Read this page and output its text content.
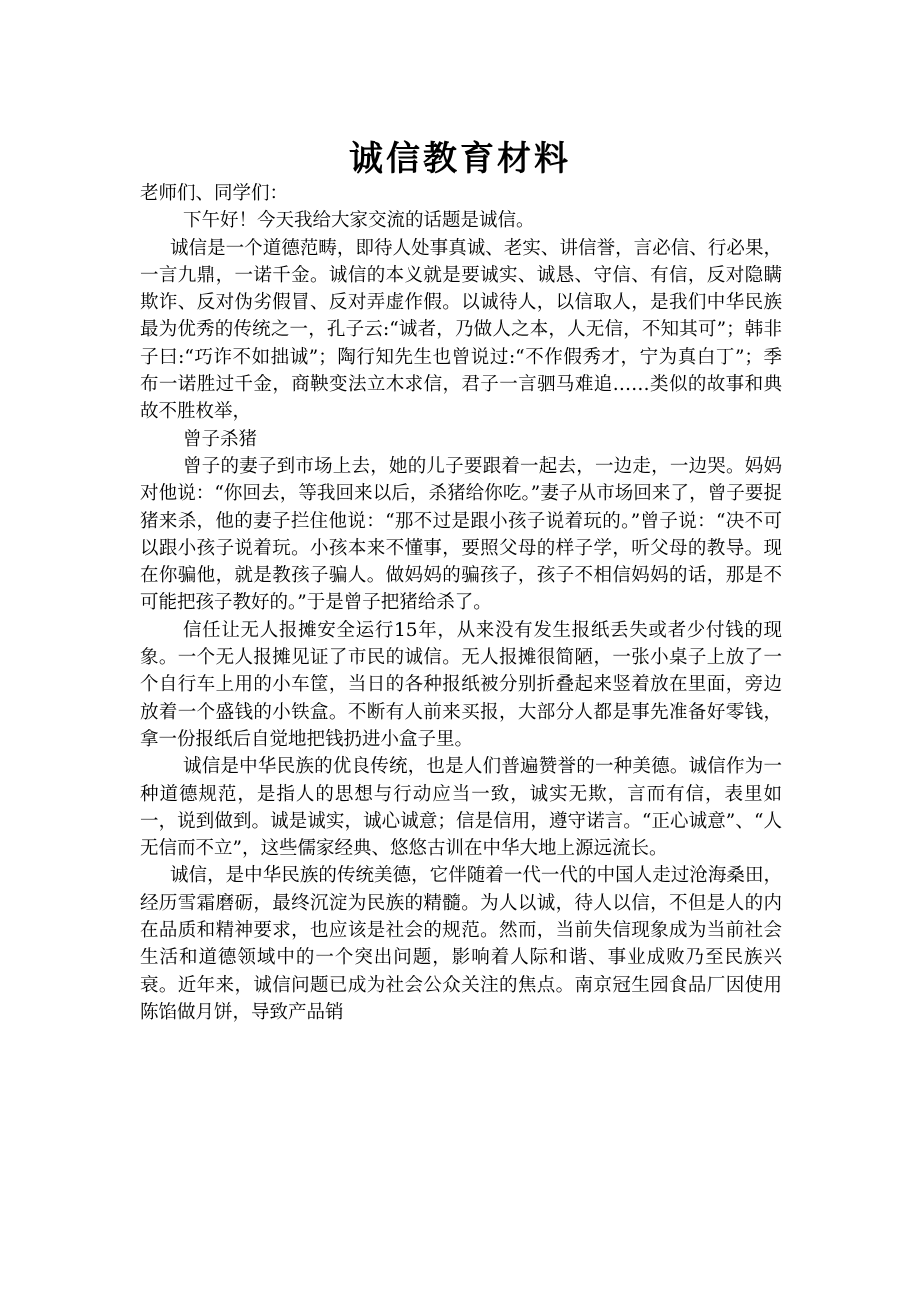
诚信教育材料

老师们、同学们：

下午好！今天我给大家交流的话题是诚信。

诚信是一个道德范畴，即待人处事真诚、老实、讲信誉，言必信、行必果，一言九鼎，一诺千金。诚信的本义就是要诚实、诚恳、守信、有信，反对隐瞒欺诈、反对伪劣假冒、反对弄虚作假。以诚待人，以信取人，是我们中华民族最为优秀的传统之一，孔子云:“诚者，乃做人之本，人无信，不知其可”；韩非子曰:“巧诈不如拙诚”；陶行知先生也曾说过:“不作假秀才，宁为真白丁”；季布一诺胜过千金，商鞅变法立木求信，君子一言驷马难追……类似的故事和典故不胜枚举，

曾子杀猪

曾子的妻子到市场上去，她的儿子要跟着一起去，一边走，一边哭。妈妈对他说：“你回去，等我回来以后，杀猪给你吃。”妻子从市场回来了，曾子要捉猪来杀，他的妻子拦住他说：“那不过是跟小孩子说着玩的。”曾子说：“决不可以跟小孩子说着玩。小孩本来不懂事，要照父母的样子学，听父母的教导。现在你骗他，就是教孩子骗人。做妈妈的骗孩子，孩子不相信妈妈的话，那是不可能把孩子教好的。”于是曾子把猪给杀了。

信任让无人报摊安全运行15年，从来没有发生报纸丢失或者少付钱的现象。一个无人报摊见证了市民的诚信。无人报摊很简陋，一张小桌子上放了一个自行车上用的小车筐，当日的各种报纸被分别折叠起来竖着放在里面，旁边放着一个盛钱的小铁盒。不断有人前来买报，大部分人都是事先准备好零钱，拿一份报纸后自觉地把钱扔进小盒子里。

诚信是中华民族的优良传统，也是人们普遍赞誉的一种美德。诚信作为一种道德规范，是指人的思想与行动应当一致，诚实无欺，言而有信，表里如一，说到做到。诚是诚实，诚心诚意；信是信用，遵守诺言。“正心诚意”、“人无信而不立”，这些儒家经典、悠悠古训在中华大地上源远流长。

诚信，是中华民族的传统美德，它伴随着一代一代的中国人走过沧海桑田，经历雪霜磨砺，最终沉淀为民族的精髓。为人以诚，待人以信，不但是人的内在品质和精神要求，也应该是社会的规范。然而，当前失信现象成为当前社会生活和道德领域中的一个突出问题，影响着人际和谐、事业成败乃至民族兴衰。近年来，诚信问题已成为社会公众关注的焦点。南京冠生园食品厂因使用陈馅做月饼，导致产品销
